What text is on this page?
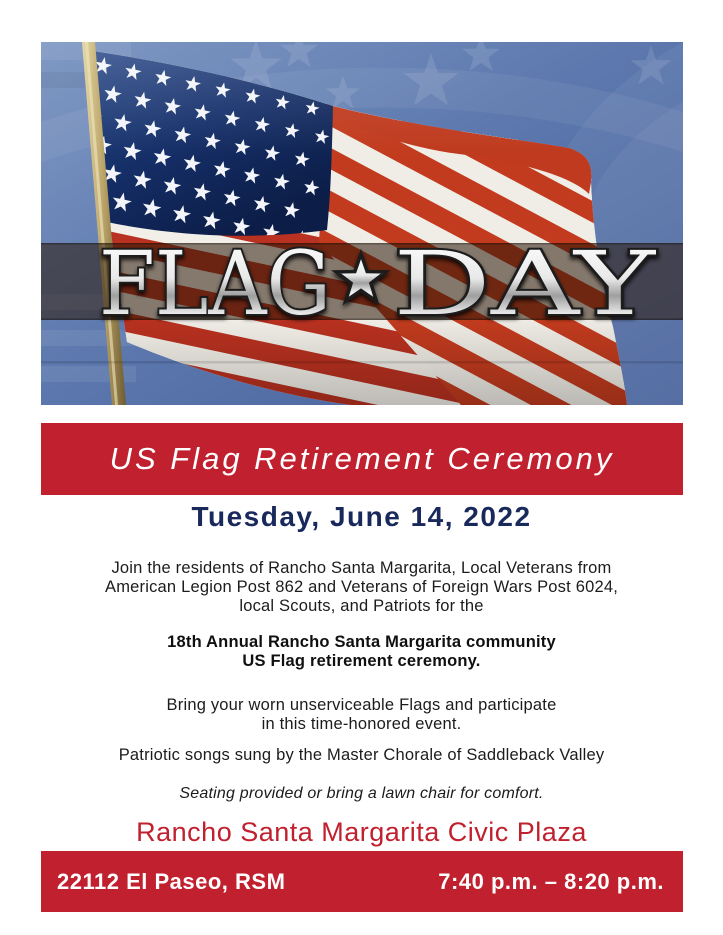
FLAG DAY
US Flag Retirement Ceremony
Tuesday, June 14, 2022
Join the residents of Rancho Santa Margarita, Local Veterans from
American Legion Post 862 and Veterans of Foreign Wars Post 6024,
local Scouts, and Patriots for the
18th Annual Rancho Santa Margarita community
US Flag retirement ceremony.
Bring your worn unserviceable Flags and participate
in this time-honored event.
Patriotic songs sung by the Master Chorale of Saddleback Valley
Seating provided or bring a lawn chair for comfort.
Rancho Santa Margarita Civic Plaza
22112 El Paseo, RSM	7:40 p.m. – 8:20 p.m.
